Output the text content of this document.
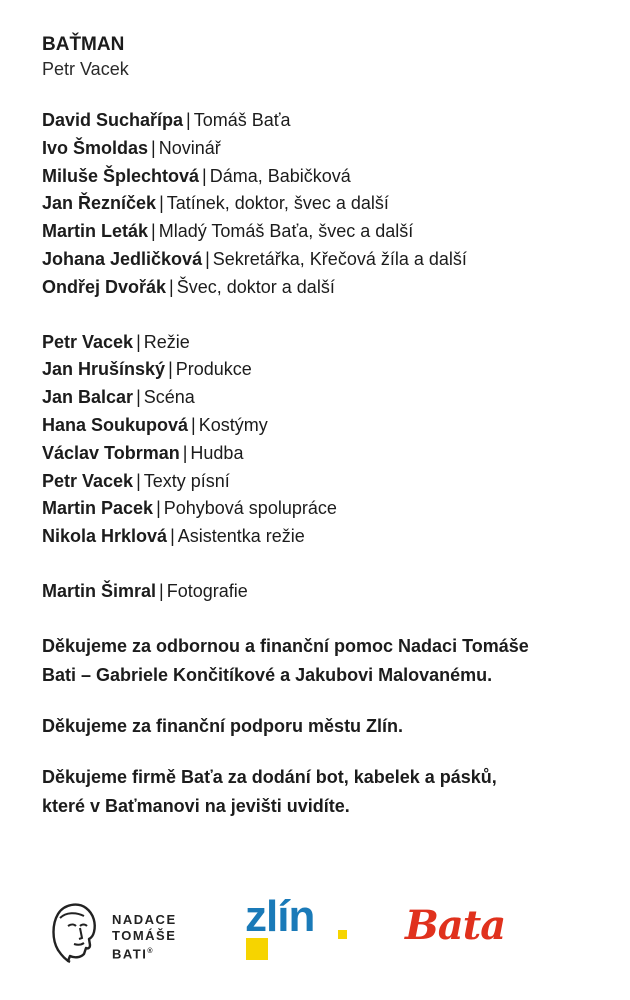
BAŤMAN
Petr Vacek
David Suchařípa | Tomáš Baťa
Ivo Šmoldas | Novinář
Miluše Šplechtová | Dáma, Babičková
Jan Řezníček | Tatínek, doktor, švec a další
Martin Leták | Mladý Tomáš Baťa, švec a další
Johana Jedličková | Sekretářka, Křečová žíla a další
Ondřej Dvořák | Švec, doktor a další
Petr Vacek | Režie
Jan Hrušínský | Produkce
Jan Balcar | Scéna
Hana Soukupová | Kostýmy
Václav Tobrman | Hudba
Petr Vacek | Texty písní
Martin Pacek | Pohybová spolupráce
Nikola Hrklová | Asistentka režie
Martin Šimral | Fotografie

Děkujeme za odbornou a finanční pomoc Nadaci Tomáše

Bati – Gabriele Končitíkové a Jakubovi Malovanému.

Děkujeme za finanční podporu městu Zlín.

Děkujeme firmě Baťa za dodání bot, kabelek a pásků,

které v Baťmanovi na jevišti uvidíte.

NADACE
TOMÁŠE
BATI®
zlín Bata
